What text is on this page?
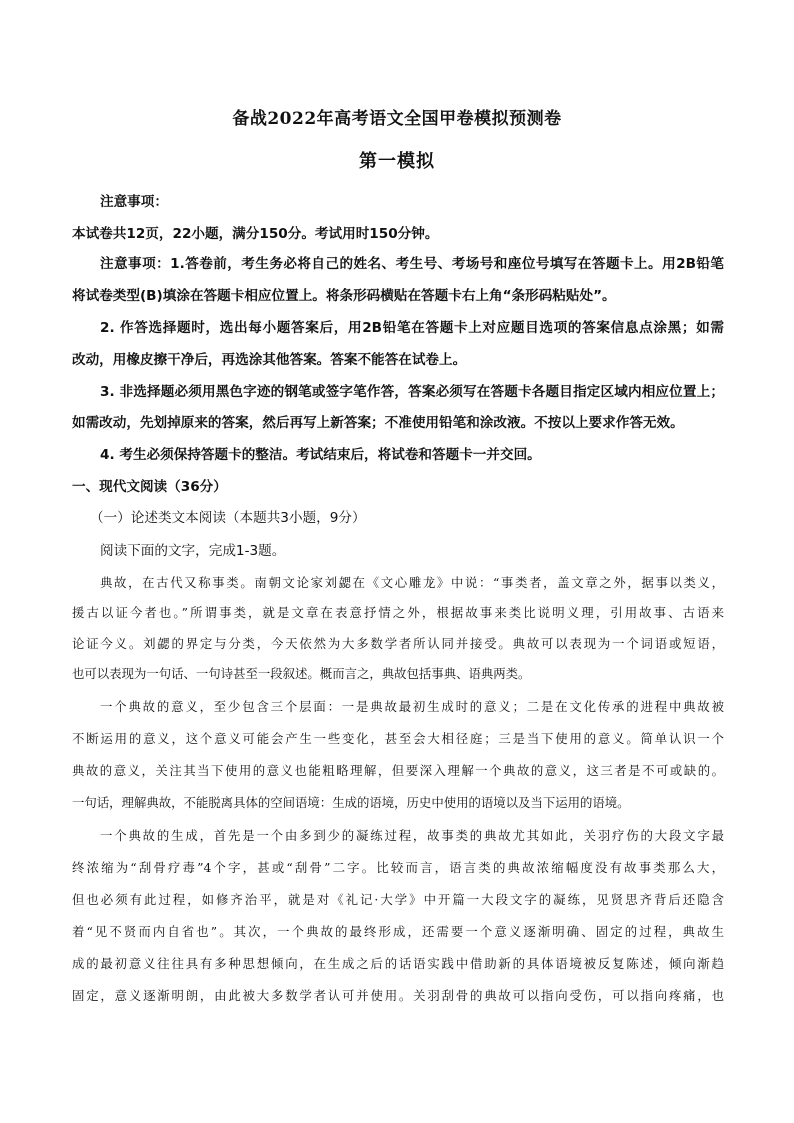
备战2022年高考语文全国甲卷模拟预测卷
第一模拟
注意事项：
本试卷共12页，22小题，满分150分。考试用时150分钟。
注意事项：1.答卷前，考生务必将自己的姓名、考生号、考场号和座位号填写在答题卡上。用2B铅笔
将试卷类型(B)填涂在答题卡相应位置上。将条形码横贴在答题卡右上角“条形码粘贴处”。
2. 作答选择题时，选出每小题答案后，用2B铅笔在答题卡上对应题目选项的答案信息点涂黑；如需
改动，用橡皮擦干净后，再选涂其他答案。答案不能答在试卷上。
3. 非选择题必须用黑色字迹的钢笔或签字笔作答，答案必须写在答题卡各题目指定区域内相应位置上；
如需改动，先划掉原来的答案，然后再写上新答案；不准使用铅笔和涂改液。不按以上要求作答无效。
4. 考生必须保持答题卡的整洁。考试结束后，将试卷和答题卡一并交回。
一、现代文阅读（36分）
（一）论述类文本阅读（本题共3小题，9分）
阅读下面的文字，完成1-3题。
典故，在古代又称事类。南朝文论家刘勰在《文心雕龙》中说：“事类者，盖文章之外，据事以类义，
援古以证今者也。”所谓事类，就是文章在表意抒情之外，根据故事来类比说明义理，引用故事、古语来
论证今义。刘勰的界定与分类，今天依然为大多数学者所认同并接受。典故可以表现为一个词语或短语，
也可以表现为一句话、一句诗甚至一段叙述。概而言之，典故包括事典、语典两类。
一个典故的意义，至少包含三个层面：一是典故最初生成时的意义；二是在文化传承的进程中典故被
不断运用的意义，这个意义可能会产生一些变化，甚至会大相径庭；三是当下使用的意义。简单认识一个
典故的意义，关注其当下使用的意义也能粗略理解，但要深入理解一个典故的意义，这三者是不可或缺的。
一句话，理解典故，不能脱离具体的空间语境：生成的语境，历史中使用的语境以及当下运用的语境。
一个典故的生成，首先是一个由多到少的凝练过程，故事类的典故尤其如此，关羽疗伤的大段文字最
终浓缩为“刮骨疗毒”4个字，甚或“刮骨”二字。比较而言，语言类的典故浓缩幅度没有故事类那么大，
但也必须有此过程，如修齐治平，就是对《礼记·大学》中开篇一大段文字的凝练，见贤思齐背后还隐含
着“见不贤而内自省也”。其次，一个典故的最终形成，还需要一个意义逐渐明确、固定的过程，典故生
成的最初意义往往具有多种思想倾向，在生成之后的话语实践中借助新的具体语境被反复陈述，倾向渐趋
固定，意义逐渐明朗，由此被大多数学者认可并使用。关羽刮骨的典故可以指向受伤，可以指向疼痛，也
